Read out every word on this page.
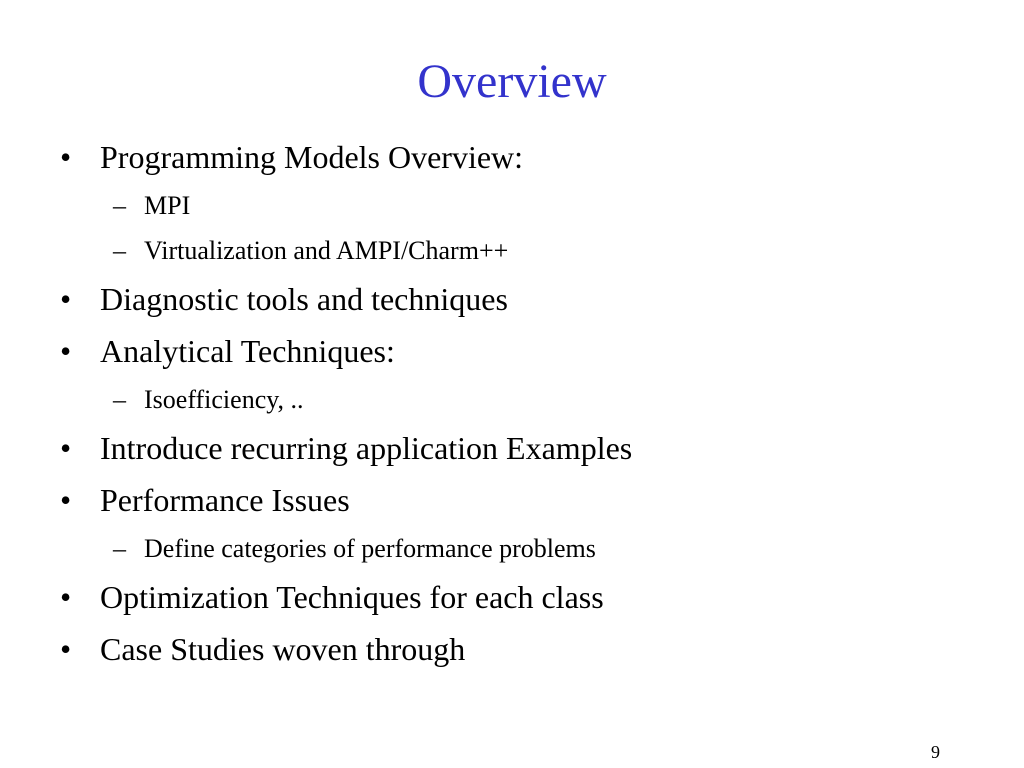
Overview
• Programming Models Overview:
– MPI
– Virtualization and AMPI/Charm++
• Diagnostic tools and techniques
• Analytical Techniques:
– Isoefficiency, ..
• Introduce recurring application Examples
• Performance Issues
– Define categories of performance problems
• Optimization Techniques for each class
• Case Studies woven through
9
